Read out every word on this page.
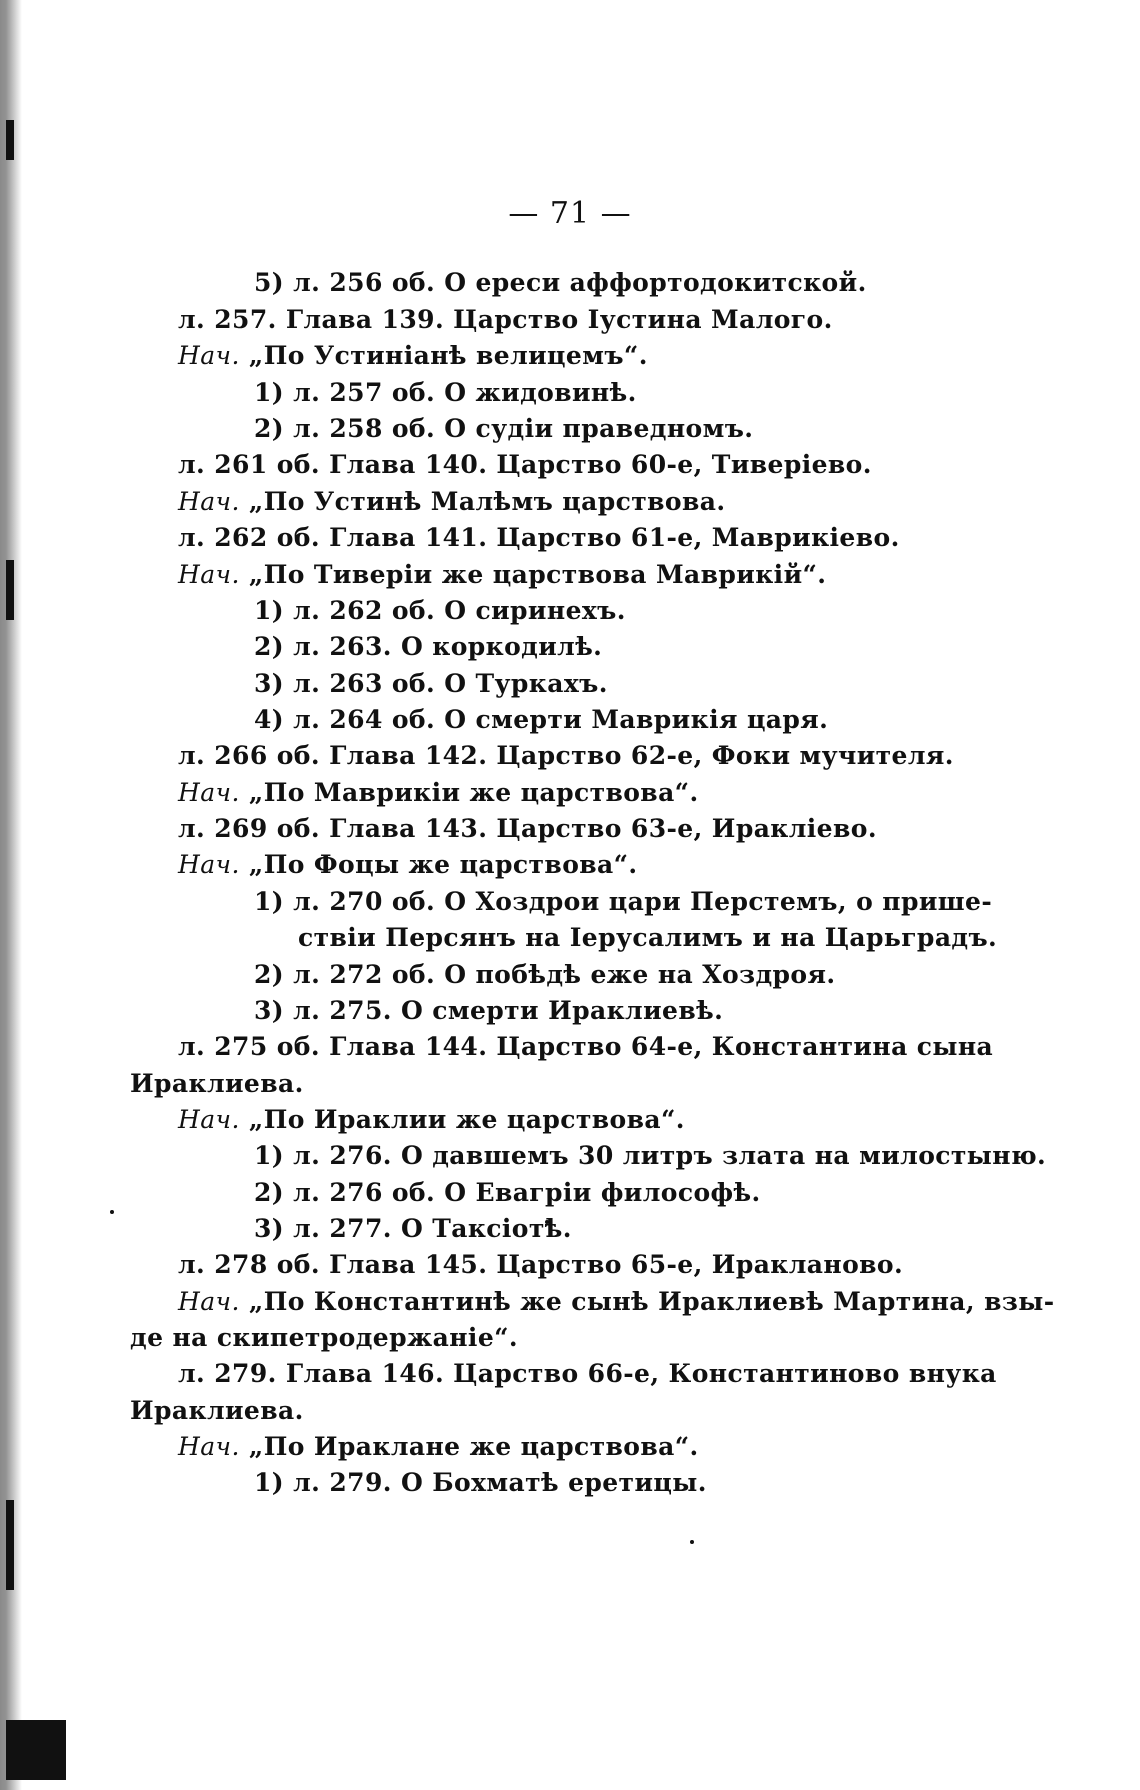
— 71 —
5) л. 256 об. О ереси аффортодокитской.
л. 257. Глава 139. Царство Іустина Малого.
Нач. „По Устиніанѣ велицемъ“.
1) л. 257 об. О жидовинѣ.
2) л. 258 об. О судіи праведномъ.
л. 261 об. Глава 140. Царство 60-е, Тиверіево.
Нач. „По Устинѣ Малѣмъ царствова.
л. 262 об. Глава 141. Царство 61-е, Маврикіево.
Нач. „По Тиверіи же царствова Маврикій“.
1) л. 262 об. О сиринехъ.
2) л. 263. О коркодилѣ.
3) л. 263 об. О Туркахъ.
4) л. 264 об. О смерти Маврикія царя.
л. 266 об. Глава 142. Царство 62-е, Фоки мучителя.
Нач. „По Маврикіи же царствова“.
л. 269 об. Глава 143. Царство 63-е, Иракліево.
Нач. „По Фоцы же царствова“.
1) л. 270 об. О Хоздрои цари Перстемъ, о прише-
ствіи Персянъ на Іерусалимъ и на Царьградъ.
2) л. 272 об. О побѣдѣ еже на Хоздроя.
3) л. 275. О смерти Ираклиевѣ.
л. 275 об. Глава 144. Царство 64-е, Константина сына
Ираклиева.
Нач. „По Ираклии же царствова“.
1) л. 276. О давшемъ 30 литръ злата на милостыню.
2) л. 276 об. О Евагріи философѣ.
3) л. 277. О Таксіотѣ.
л. 278 об. Глава 145. Царство 65-е, Иракланово.
Нач. „По Константинѣ же сынѣ Ираклиевѣ Мартина, взы-
де на скипетродержаніе“.
л. 279. Глава 146. Царство 66-е, Константиново внука
Ираклиева.
Нач. „По Ираклане же царствова“.
1) л. 279. О Бохматѣ еретицы.
